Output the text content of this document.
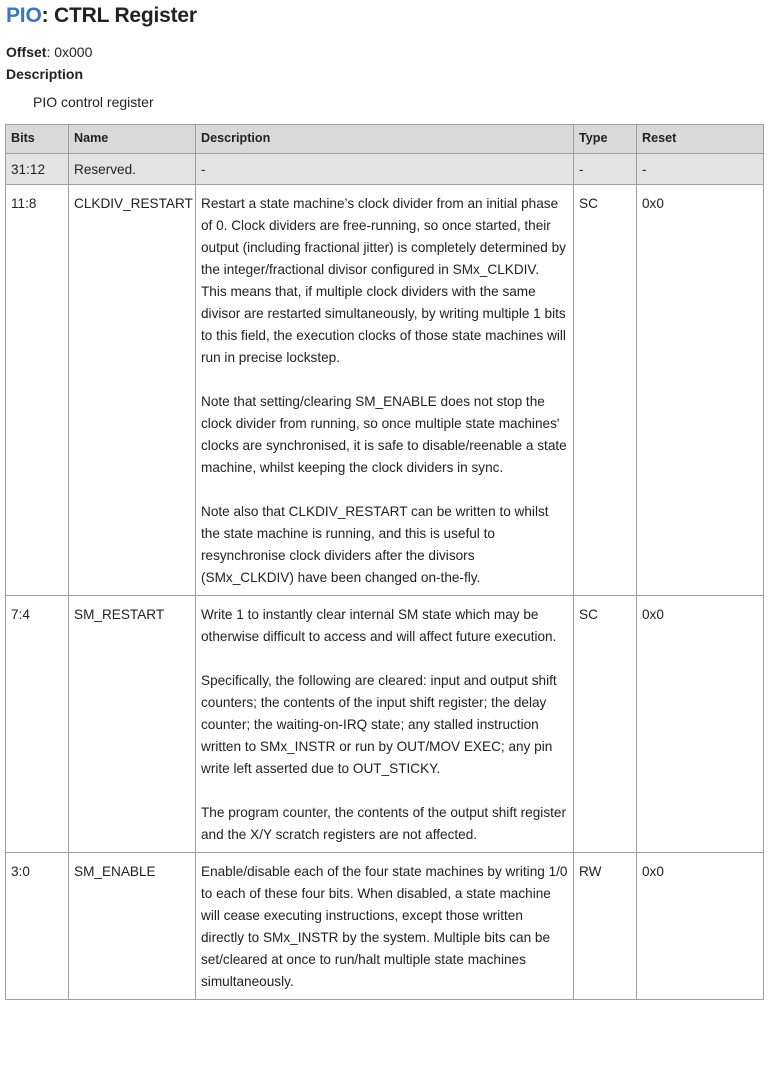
PIO: CTRL Register
Offset: 0x000
Description
PIO control register
Bits	Name	Description	Type	Reset
31:12	Reserved.	-	-	-
11:8	CLKDIV_RESTART	Restart a state machine’s clock divider from an initial phase of 0. Clock dividers are free-running, so once started, their output (including fractional jitter) is completely determined by the integer/fractional divisor configured in SMx_CLKDIV. This means that, if multiple clock dividers with the same divisor are restarted simultaneously, by writing multiple 1 bits to this field, the execution clocks of those state machines will run in precise lockstep.

Note that setting/clearing SM_ENABLE does not stop the clock divider from running, so once multiple state machines' clocks are synchronised, it is safe to disable/reenable a state machine, whilst keeping the clock dividers in sync.

Note also that CLKDIV_RESTART can be written to whilst the state machine is running, and this is useful to resynchronise clock dividers after the divisors (SMx_CLKDIV) have been changed on-the-fly.	SC	0x0
7:4	SM_RESTART	Write 1 to instantly clear internal SM state which may be otherwise difficult to access and will affect future execution.

Specifically, the following are cleared: input and output shift counters; the contents of the input shift register; the delay counter; the waiting-on-IRQ state; any stalled instruction written to SMx_INSTR or run by OUT/MOV EXEC; any pin write left asserted due to OUT_STICKY.

The program counter, the contents of the output shift register and the X/Y scratch registers are not affected.	SC	0x0
3:0	SM_ENABLE	Enable/disable each of the four state machines by writing 1/0 to each of these four bits. When disabled, a state machine will cease executing instructions, except those written directly to SMx_INSTR by the system. Multiple bits can be set/cleared at once to run/halt multiple state machines simultaneously.	RW	0x0
